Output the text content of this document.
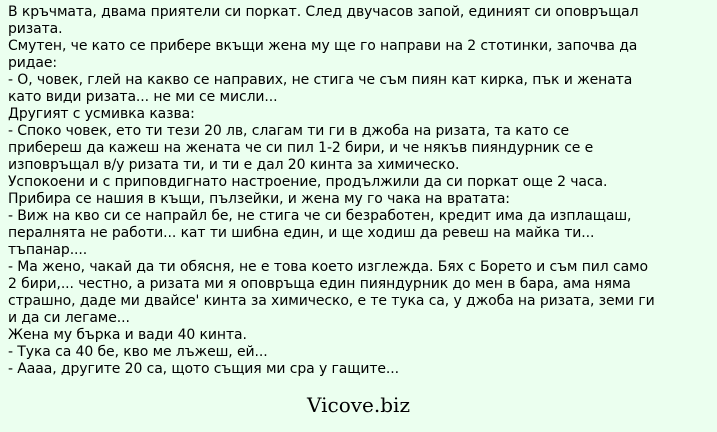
В кръчмата, двама приятели си поркат. След двучасов запой, единият си оповръщал
ризата.
Смутен, че като се прибере вкъщи жена му ще го направи на 2 стотинки, започва да
ридае:
- О, човек, глей на какво се направих, не стига че съм пиян кат кирка, пък и жената
като види ризата... не ми се мисли...
Другият с усмивка казва:
- Споко човек, ето ти тези 20 лв, слагам ти ги в джоба на ризата, та като се
прибереш да кажеш на жената че си пил 1-2 бири, и че някъв пияндурник се е
изповръщал в/у ризата ти, и ти е дал 20 кинта за химическо.
Успокоени и с приповдигнато настроение, продължили да си поркат още 2 часа.
Прибира се нашия в къщи, пълзейки, и жена му го чака на вратата:
- Виж на кво си се напрайл бе, не стига че си безработен, кредит има да изплащаш,
пералнята не работи... кат ти шибна един, и ще ходиш да ревеш на майка ти...
тъпанар....
- Ма жено, чакай да ти обясня, не е това което изглежда. Бях с Борето и съм пил само
2 бири,... честно, а ризата ми я оповръща един пияндурник до мен в бара, ама няма
страшно, даде ми двайсе' кинта за химическо, е те тука са, у джоба на ризата, земи ги
и да си легаме...
Жена му бърка и вади 40 кинта.
- Тука са 40 бе, кво ме лъжеш, ей...
- Аааа, другите 20 са, щото същия ми сра у гащите...
Vicove.biz
